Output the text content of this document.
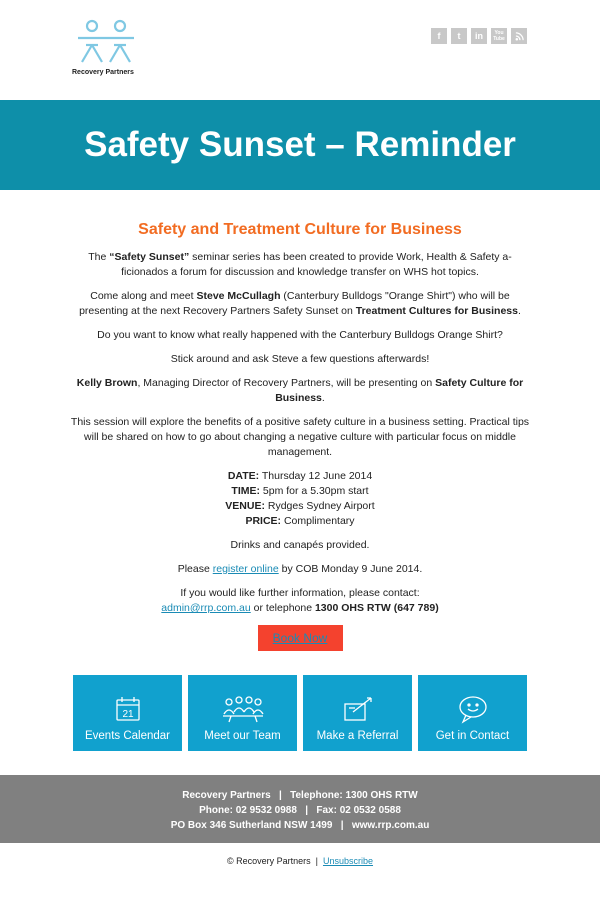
Recovery Partners
f	t	in	You Tube
Safety Sunset – Reminder
Safety and Treatment Culture for Business

The “Safety Sunset” seminar series has been created to provide Work, Health & Safety a-ficionados a forum for discussion and knowledge transfer on WHS hot topics.

Come along and meet Steve McCullagh (Canterbury Bulldogs "Orange Shirt") who will be presenting at the next Recovery Partners Safety Sunset on Treatment Cultures for Business.

Do you want to know what really happened with the Canterbury Bulldogs Orange Shirt?

Stick around and ask Steve a few questions afterwards!

Kelly Brown, Managing Director of Recovery Partners, will be presenting on Safety Culture for Business.

This session will explore the benefits of a positive safety culture in a business setting. Practical tips will be shared on how to go about changing a negative culture with particular focus on middle management.

DATE: Thursday 12 June 2014
TIME: 5pm for a 5.30pm start
VENUE: Rydges Sydney Airport
PRICE: Complimentary

Drinks and canapés provided.

Please register online by COB Monday 9 June 2014.

If you would like further information, please contact:
admin@rrp.com.au or telephone 1300 OHS RTW (647 789)

Book Now
21
Events Calendar	Meet our Team	Make a Referral	Get in Contact
Recovery Partners   |   Telephone: 1300 OHS RTW
Phone: 02 9532 0988   |   Fax: 02 0532 0588
PO Box 346 Sutherland NSW 1499   |   www.rrp.com.au
© Recovery Partners  |  Unsubscribe
